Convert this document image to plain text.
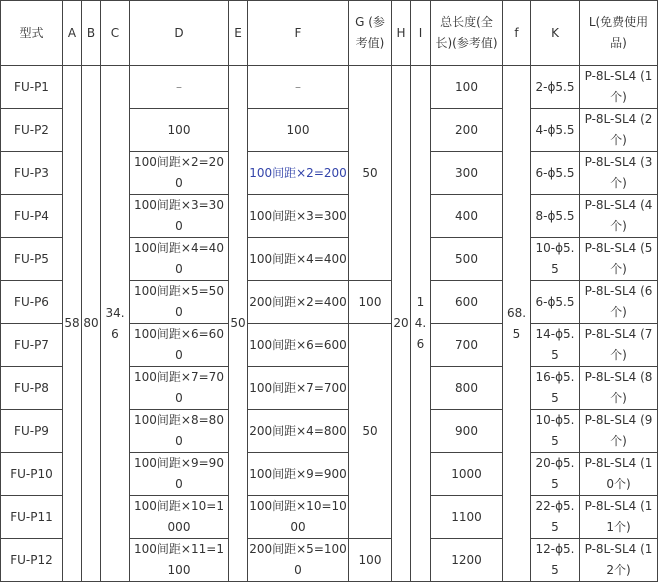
型式	A	B	C	D	E	F	G (参考值)	H	I	总长度(全长)(参考值)	f	K	L(免费使用品)
FU-P1	58	80	34.6	–	50	–	50	20	14.6	100	68.5	2-ϕ5.5	P-8L-SL4 (1个)
FU-P2				100		100				200		4-ϕ5.5	P-8L-SL4 (2个)
FU-P3				100间距×2=200		100间距×2=200				300		6-ϕ5.5	P-8L-SL4 (3个)
FU-P4				100间距×3=300		100间距×3=300				400		8-ϕ5.5	P-8L-SL4 (4个)
FU-P5				100间距×4=400		100间距×4=400				500		10-ϕ5.5	P-8L-SL4 (5个)
FU-P6				100间距×5=500		200间距×2=400	100			600		6-ϕ5.5	P-8L-SL4 (6个)
FU-P7				100间距×6=600		100间距×6=600	50			700		14-ϕ5.5	P-8L-SL4 (7个)
FU-P8				100间距×7=700		100间距×7=700				800		16-ϕ5.5	P-8L-SL4 (8个)
FU-P9				100间距×8=800		200间距×4=800				900		10-ϕ5.5	P-8L-SL4 (9个)
FU-P10				100间距×9=900		100间距×9=900				1000		20-ϕ5.5	P-8L-SL4 (10个)
FU-P11				100间距×10=1000		100间距×10=1000				1100		22-ϕ5.5	P-8L-SL4 (11个)
FU-P12				100间距×11=1100		200间距×5=1000	100			1200		12-ϕ5.5	P-8L-SL4 (12个)
